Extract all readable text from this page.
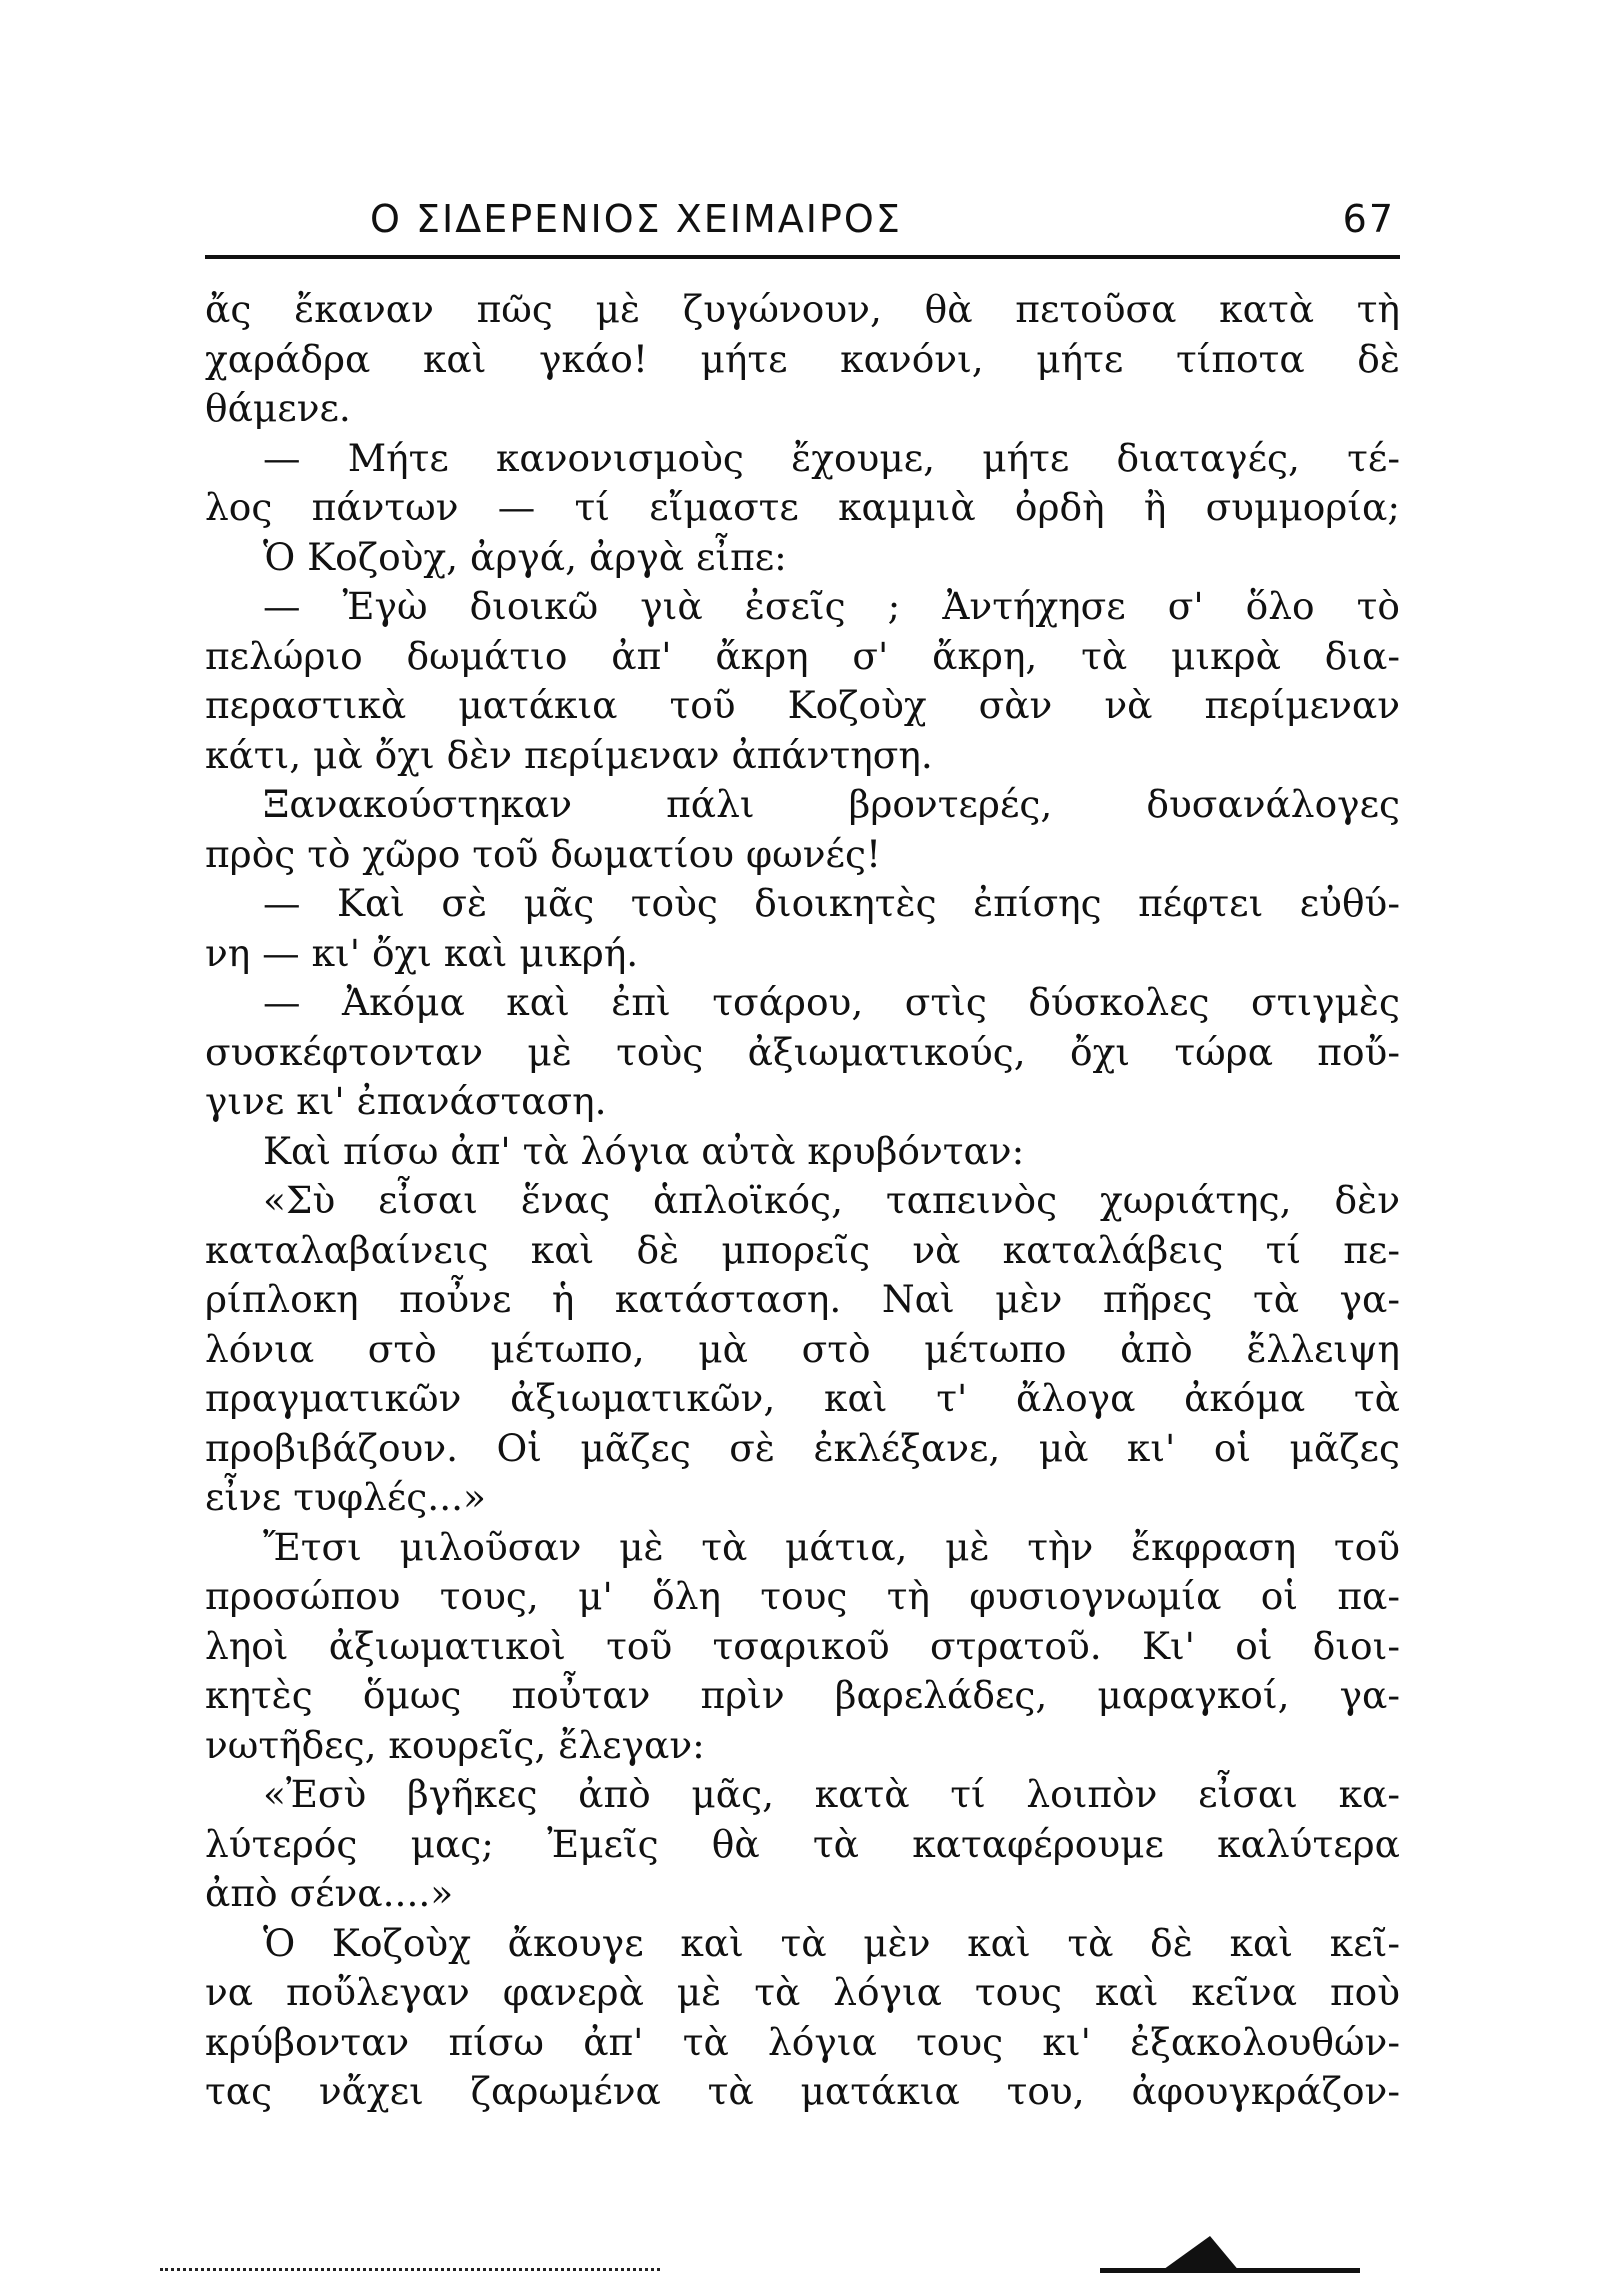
Ο ΣΙΔΕΡΕΝΙΟΣ ΧΕΙΜΑΙΡΟΣ	67
ἄς ἔκαναν πῶς μὲ ζυγώνουν, θὰ πετοῦσα κατὰ τὴ
χαράδρα καὶ γκάο! μήτε κανόνι, μήτε τίποτα δὲ
θάμενε.
— Μήτε κανονισμοὺς ἔχουμε, μήτε διαταγές, τέ-
λος πάντων — τί εἴμαστε καμμιὰ ὀρδὴ ἢ συμμορία;
Ὁ Κοζοὺχ, ἀργά, ἀργὰ εἶπε:
— Ἐγὼ διοικῶ γιὰ ἐσεῖς ; Ἀντήχησε σ' ὅλο τὸ
πελώριο δωμάτιο ἀπ' ἄκρη σ' ἄκρη, τὰ μικρὰ δια-
περαστικὰ ματάκια τοῦ Κοζοὺχ σὰν νὰ περίμεναν
κάτι, μὰ ὄχι δὲν περίμεναν ἀπάντηση.
Ξανακούστηκαν πάλι βροντερές, δυσανάλογες
πρὸς τὸ χῶρο τοῦ δωματίου φωνές!
— Καὶ σὲ μᾶς τοὺς διοικητὲς ἐπίσης πέφτει εὐθύ-
νη — κι' ὄχι καὶ μικρή.
— Ἀκόμα καὶ ἐπὶ τσάρου, στὶς δύσκολες στιγμὲς
συσκέφτονταν μὲ τοὺς ἀξιωματικούς, ὄχι τώρα ποὔ-
γινε κι' ἐπανάσταση.
Καὶ πίσω ἀπ' τὰ λόγια αὐτὰ κρυβόνταν:
«Σὺ εἶσαι ἕνας ἁπλοϊκός, ταπεινὸς χωριάτης, δὲν
καταλαβαίνεις καὶ δὲ μπορεῖς νὰ καταλάβεις τί πε-
ρίπλοκη ποὖνε ἡ κατάσταση. Ναὶ μὲν πῆρες τὰ γα-
λόνια στὸ μέτωπο, μὰ στὸ μέτωπο ἀπὸ ἔλλειψη
πραγματικῶν ἀξιωματικῶν, καὶ τ' ἄλογα ἀκόμα τὰ
προβιβάζουν. Οἱ μᾶζες σὲ ἐκλέξανε, μὰ κι' οἱ μᾶζες
εἶνε τυφλές...»
Ἔτσι μιλοῦσαν μὲ τὰ μάτια, μὲ τὴν ἔκφραση τοῦ
προσώπου τους, μ' ὅλη τους τὴ φυσιογνωμία οἱ πα-
ληοὶ ἀξιωματικοὶ τοῦ τσαρικοῦ στρατοῦ. Κι' οἱ διοι-
κητὲς ὅμως ποὖταν πρὶν βαρελάδες, μαραγκοί, γα-
νωτῆδες, κουρεῖς, ἔλεγαν:
«Ἐσὺ βγῆκες ἀπὸ μᾶς, κατὰ τί λοιπὸν εἶσαι κα-
λύτερός μας; Ἐμεῖς θὰ τὰ καταφέρουμε καλύτερα
ἀπὸ σένα....»
Ὁ Κοζοὺχ ἄκουγε καὶ τὰ μὲν καὶ τὰ δὲ καὶ κεῖ-
να ποὔλεγαν φανερὰ μὲ τὰ λόγια τους καὶ κεῖνα ποὺ
κρύβονταν πίσω ἀπ' τὰ λόγια τους κι' ἐξακολουθών-
τας νἄχει ζαρωμένα τὰ ματάκια του, ἀφουγκράζον-
